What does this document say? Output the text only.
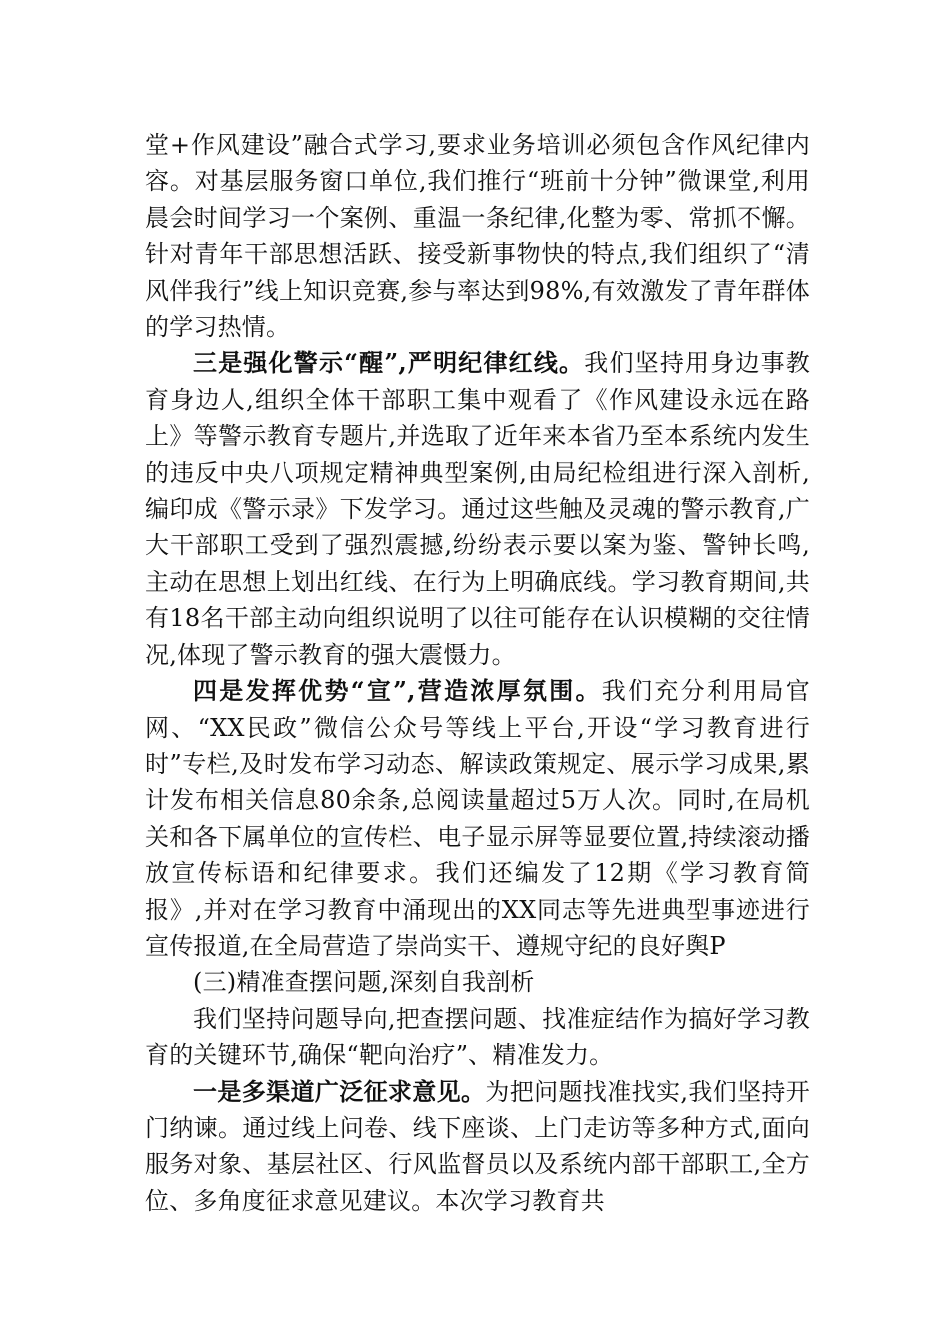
堂+作风建设”融合式学习,要求业务培训必须包含作风纪律内容。对基层服务窗口单位,我们推行“班前十分钟”微课堂,利用晨会时间学习一个案例、重温一条纪律,化整为零、常抓不懈。针对青年干部思想活跃、接受新事物快的特点,我们组织了“清风伴我行”线上知识竞赛,参与率达到98%,有效激发了青年群体的学习热情。

三是强化警示“醒”,严明纪律红线。我们坚持用身边事教育身边人,组织全体干部职工集中观看了《作风建设永远在路上》等警示教育专题片,并选取了近年来本省乃至本系统内发生的违反中央八项规定精神典型案例,由局纪检组进行深入剖析,编印成《警示录》下发学习。通过这些触及灵魂的警示教育,广大干部职工受到了强烈震撼,纷纷表示要以案为鉴、警钟长鸣,主动在思想上划出红线、在行为上明确底线。学习教育期间,共有18名干部主动向组织说明了以往可能存在认识模糊的交往情况,体现了警示教育的强大震慑力。

四是发挥优势“宣”,营造浓厚氛围。我们充分利用局官网、“XX民政”微信公众号等线上平台,开设“学习教育进行时”专栏,及时发布学习动态、解读政策规定、展示学习成果,累计发布相关信息80余条,总阅读量超过5万人次。同时,在局机关和各下属单位的宣传栏、电子显示屏等显要位置,持续滚动播放宣传标语和纪律要求。我们还编发了12期《学习教育简报》,并对在学习教育中涌现出的XX同志等先进典型事迹进行宣传报道,在全局营造了崇尚实干、遵规守纪的良好舆P

(三)精准查摆问题,深刻自我剖析

我们坚持问题导向,把查摆问题、找准症结作为搞好学习教育的关键环节,确保“靶向治疗”、精准发力。

一是多渠道广泛征求意见。为把问题找准找实,我们坚持开门纳谏。通过线上问卷、线下座谈、上门走访等多种方式,面向服务对象、基层社区、行风监督员以及系统内部干部职工,全方位、多角度征求意见建议。本次学习教育共
